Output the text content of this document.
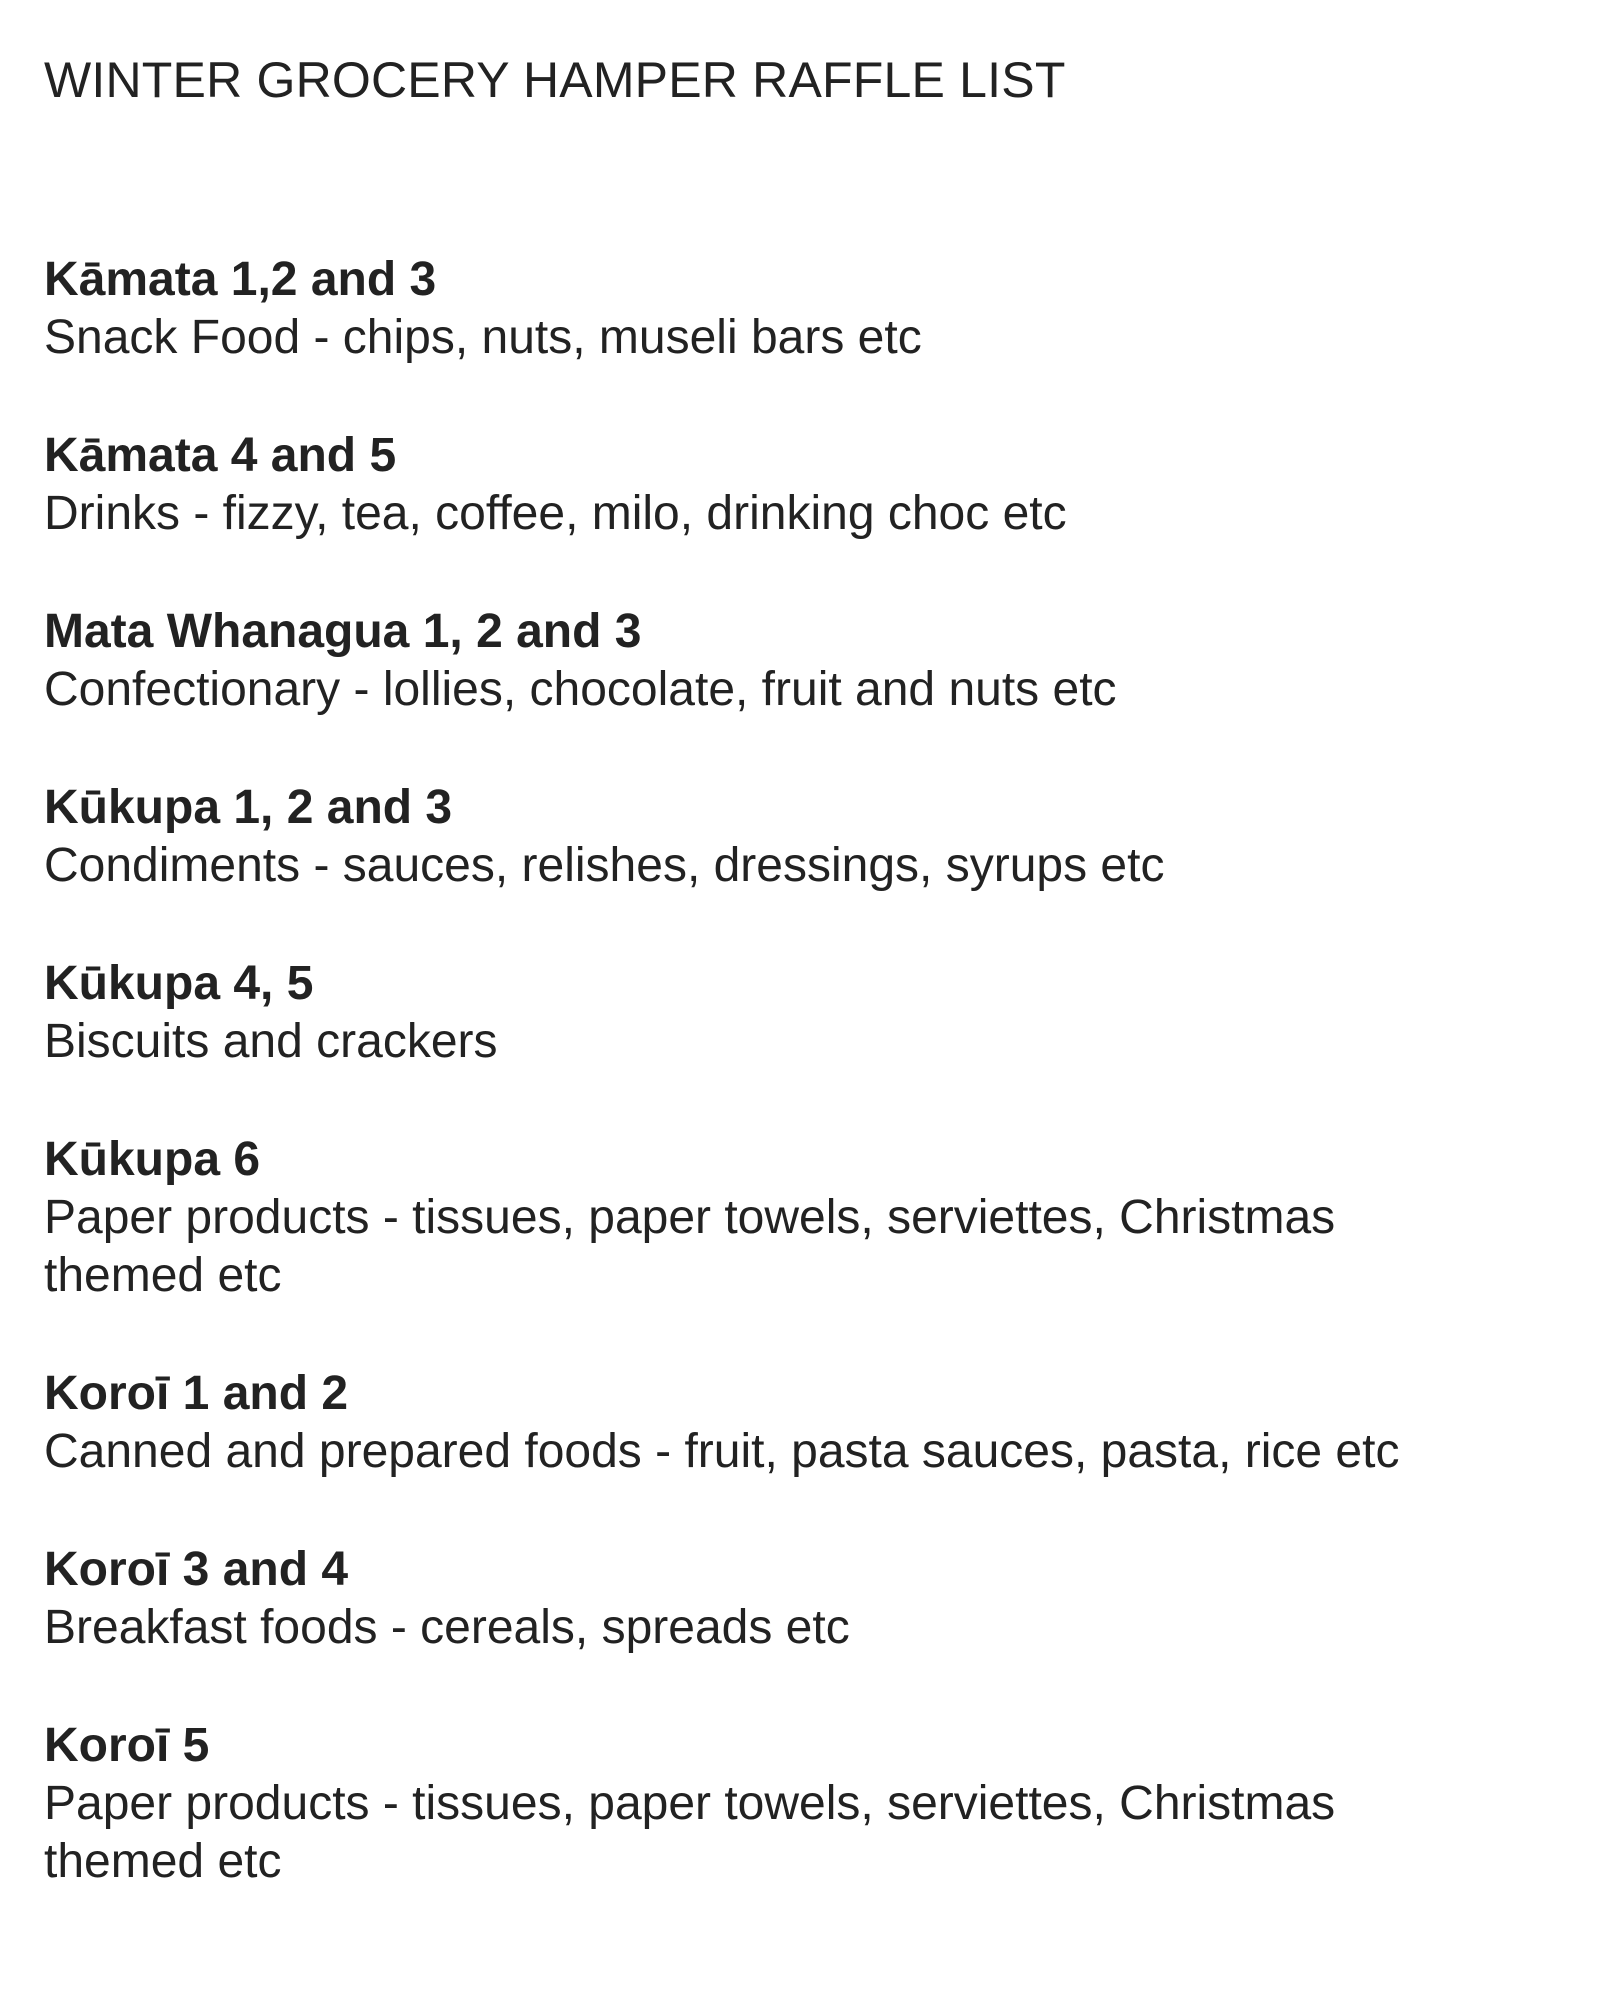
WINTER GROCERY HAMPER RAFFLE LIST

Kāmata 1,2 and 3

Snack Food - chips, nuts, museli bars etc

Kāmata 4 and 5

Drinks - fizzy, tea, coffee, milo, drinking choc etc

Mata Whanagua 1, 2 and 3

Confectionary - lollies, chocolate, fruit and nuts etc

Kūkupa 1, 2 and 3

Condiments - sauces, relishes, dressings, syrups etc

Kūkupa 4, 5

Biscuits and crackers

Kūkupa 6

Paper products - tissues, paper towels, serviettes, Christmas themed etc

Koroī 1 and 2

Canned and prepared foods - fruit, pasta sauces, pasta, rice etc

Koroī 3 and 4

Breakfast foods - cereals, spreads etc

Koroī 5

Paper products - tissues, paper towels, serviettes, Christmas themed etc
